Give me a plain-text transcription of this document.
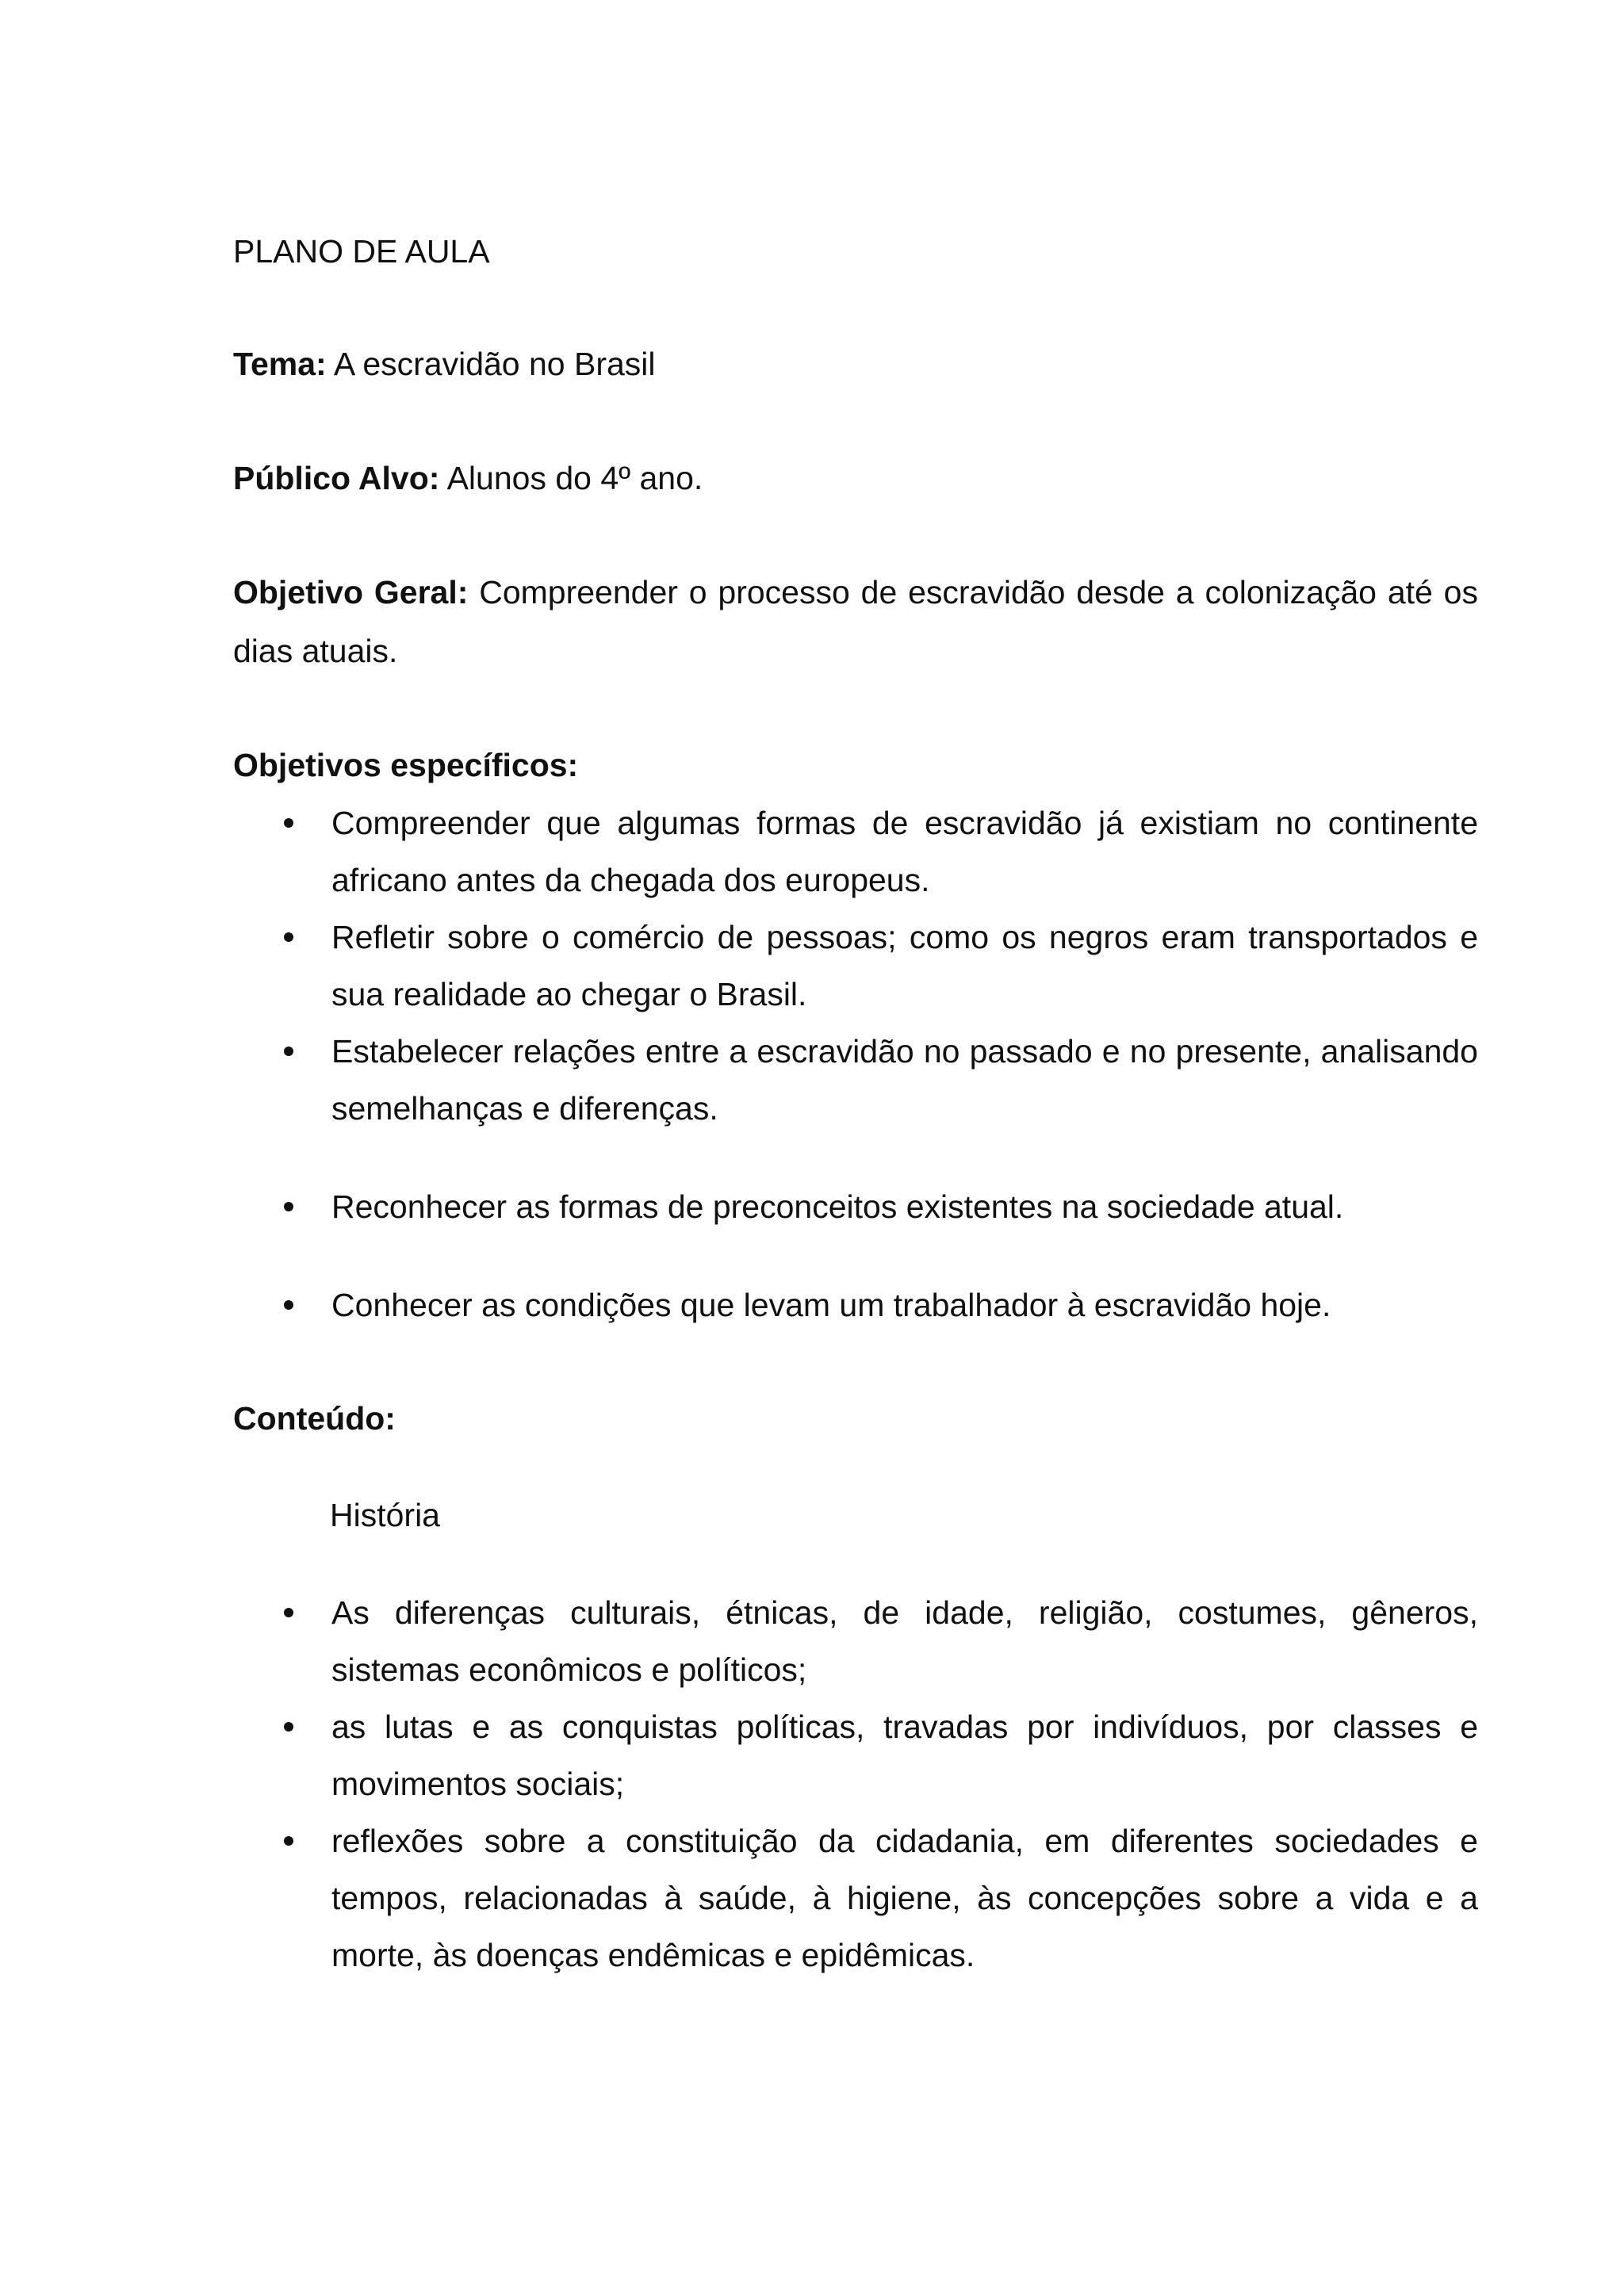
PLANO DE AULA
Tema: A escravidão no Brasil
Público Alvo: Alunos do 4º ano.
Objetivo Geral: Compreender o processo de escravidão desde a colonização até os dias atuais.
Objetivos específicos:
Compreender que algumas formas de escravidão já existiam no continente africano antes da chegada dos europeus.
Refletir sobre o comércio de pessoas; como os negros eram transportados e sua realidade ao chegar o Brasil.
Estabelecer relações entre a escravidão no passado e no presente, analisando semelhanças e diferenças.
Reconhecer as formas de preconceitos existentes na sociedade atual.
Conhecer as condições que levam um trabalhador à escravidão hoje.
Conteúdo:
História
As diferenças culturais, étnicas, de idade, religião, costumes, gêneros, sistemas econômicos e políticos;
as lutas e as conquistas políticas, travadas por indivíduos, por classes e movimentos sociais;
reflexões sobre a constituição da cidadania, em diferentes sociedades e tempos, relacionadas à saúde, à higiene, às concepções sobre a vida e a morte, às doenças endêmicas e epidêmicas.
